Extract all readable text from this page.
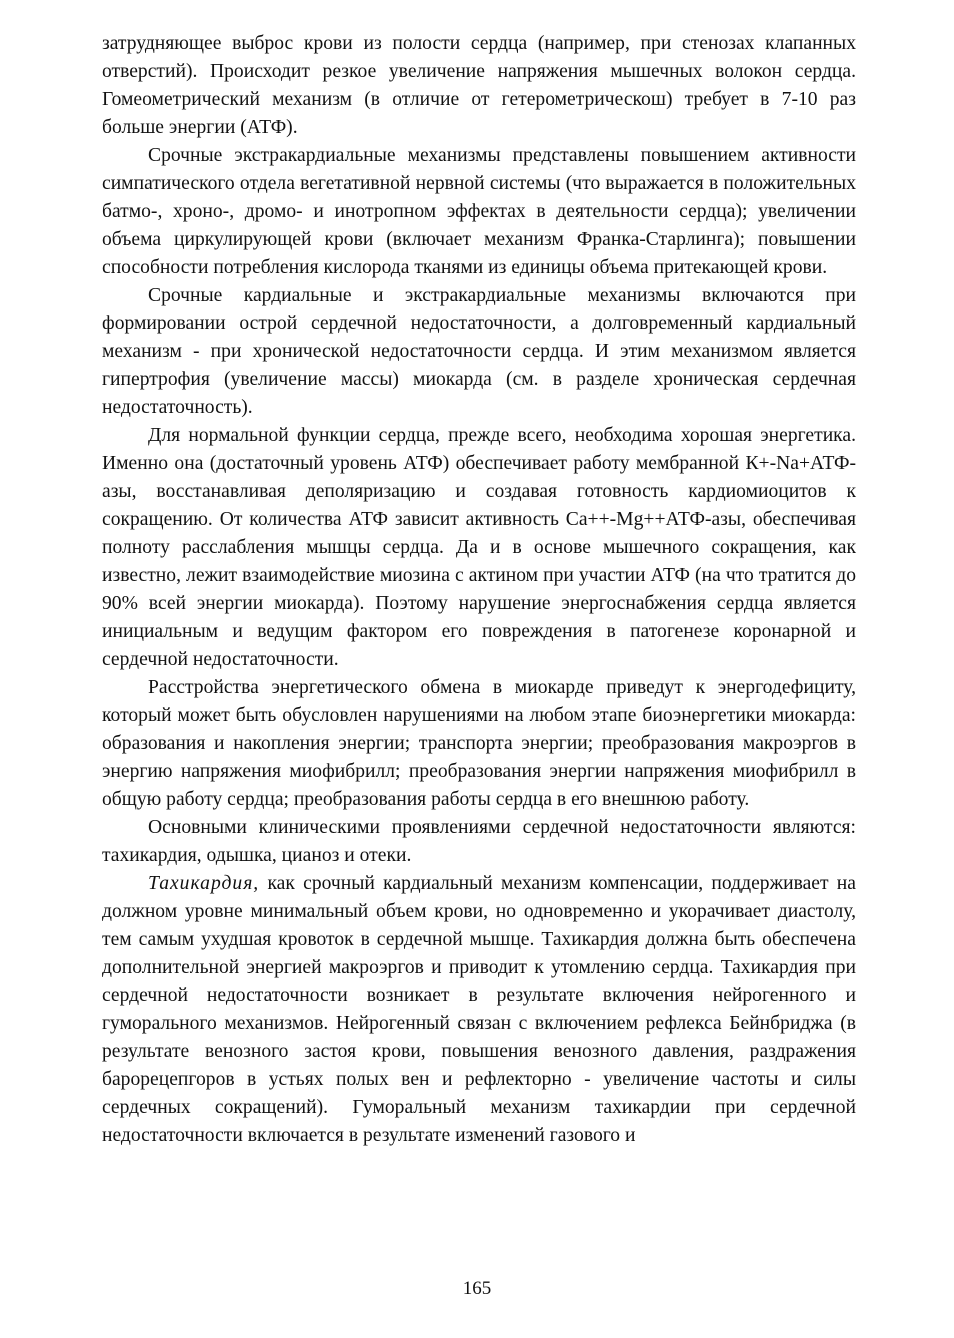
затрудняющее выброс крови из полости сердца (например, при стенозах клапанных отверстий). Происходит резкое увеличение напряжения мышечных волокон сердца. Гомеометрический механизм (в отличие от гетерометрическош) требует в 7-10 раз больше энергии (АТФ).

Срочные экстракардиальные механизмы представлены повышением активности симпатического отдела вегетативной нервной системы (что выражается в положительных батмо-, хроно-, дромо- и инотропном эффектах в деятельности сердца); увеличении объема циркулирующей крови (включает механизм Франка-Старлинга); повышении способности потребления кислорода тканями из единицы объема притекающей крови.

Срочные кардиальные и экстракардиальные механизмы включаются при формировании острой сердечной недостаточности, а долговременный кардиальный механизм - при хронической недостаточности сердца. И этим механизмом является гипертрофия (увеличение массы) миокарда (см. в разделе хроническая сердечная недостаточность).

Для нормальной функции сердца, прежде всего, необходима хорошая энергетика. Именно она (достаточный уровень АТФ) обеспечивает работу мембранной К+-Na+АТФ-азы, восстанавливая деполяризацию и создавая готовность кардиомиоцитов к сокращению. От количества АТФ зависит активность Са++-Mg++АТФ-азы, обеспечивая полноту расслабления мышцы сердца. Да и в основе мышечного сокращения, как известно, лежит взаимодействие миозина с актином при участии АТФ (на что тратится до 90% всей энергии миокарда). Поэтому нарушение энергоснабжения сердца является инициальным и ведущим фактором его повреждения в патогенезе коронарной и сердечной недостаточности.

Расстройства энергетического обмена в миокарде приведут к энергодефициту, который может быть обусловлен нарушениями на любом этапе биоэнергетики миокарда: образования и накопления энергии; транспорта энергии; преобразования макроэргов в энергию напряжения миофибрилл; преобразования энергии напряжения миофибрилл в общую работу сердца; преобразования работы сердца в его внешнюю работу.

Основными клиническими проявлениями сердечной недостаточности являются: тахикардия, одышка, цианоз и отеки.

Тахикардия, как срочный кардиальный механизм компенсации, поддерживает на должном уровне минимальный объем крови, но одновременно и укорачивает диастолу, тем самым ухудшая кровоток в сердечной мышце. Тахикардия должна быть обеспечена дополнительной энергией макроэргов и приводит к утомлению сердца. Тахикардия при сердечной недостаточности возникает в результате включения нейрогенного и гуморального механизмов. Нейрогенный связан с включением рефлекса Бейнбриджа (в результате венозного застоя крови, повышения венозного давления, раздражения барорецепгоров в устьях полых вен и рефлекторно - увеличение частоты и силы сердечных сокращений). Гуморальный механизм тахикардии при сердечной недостаточности включается в результате изменений газового и

165
